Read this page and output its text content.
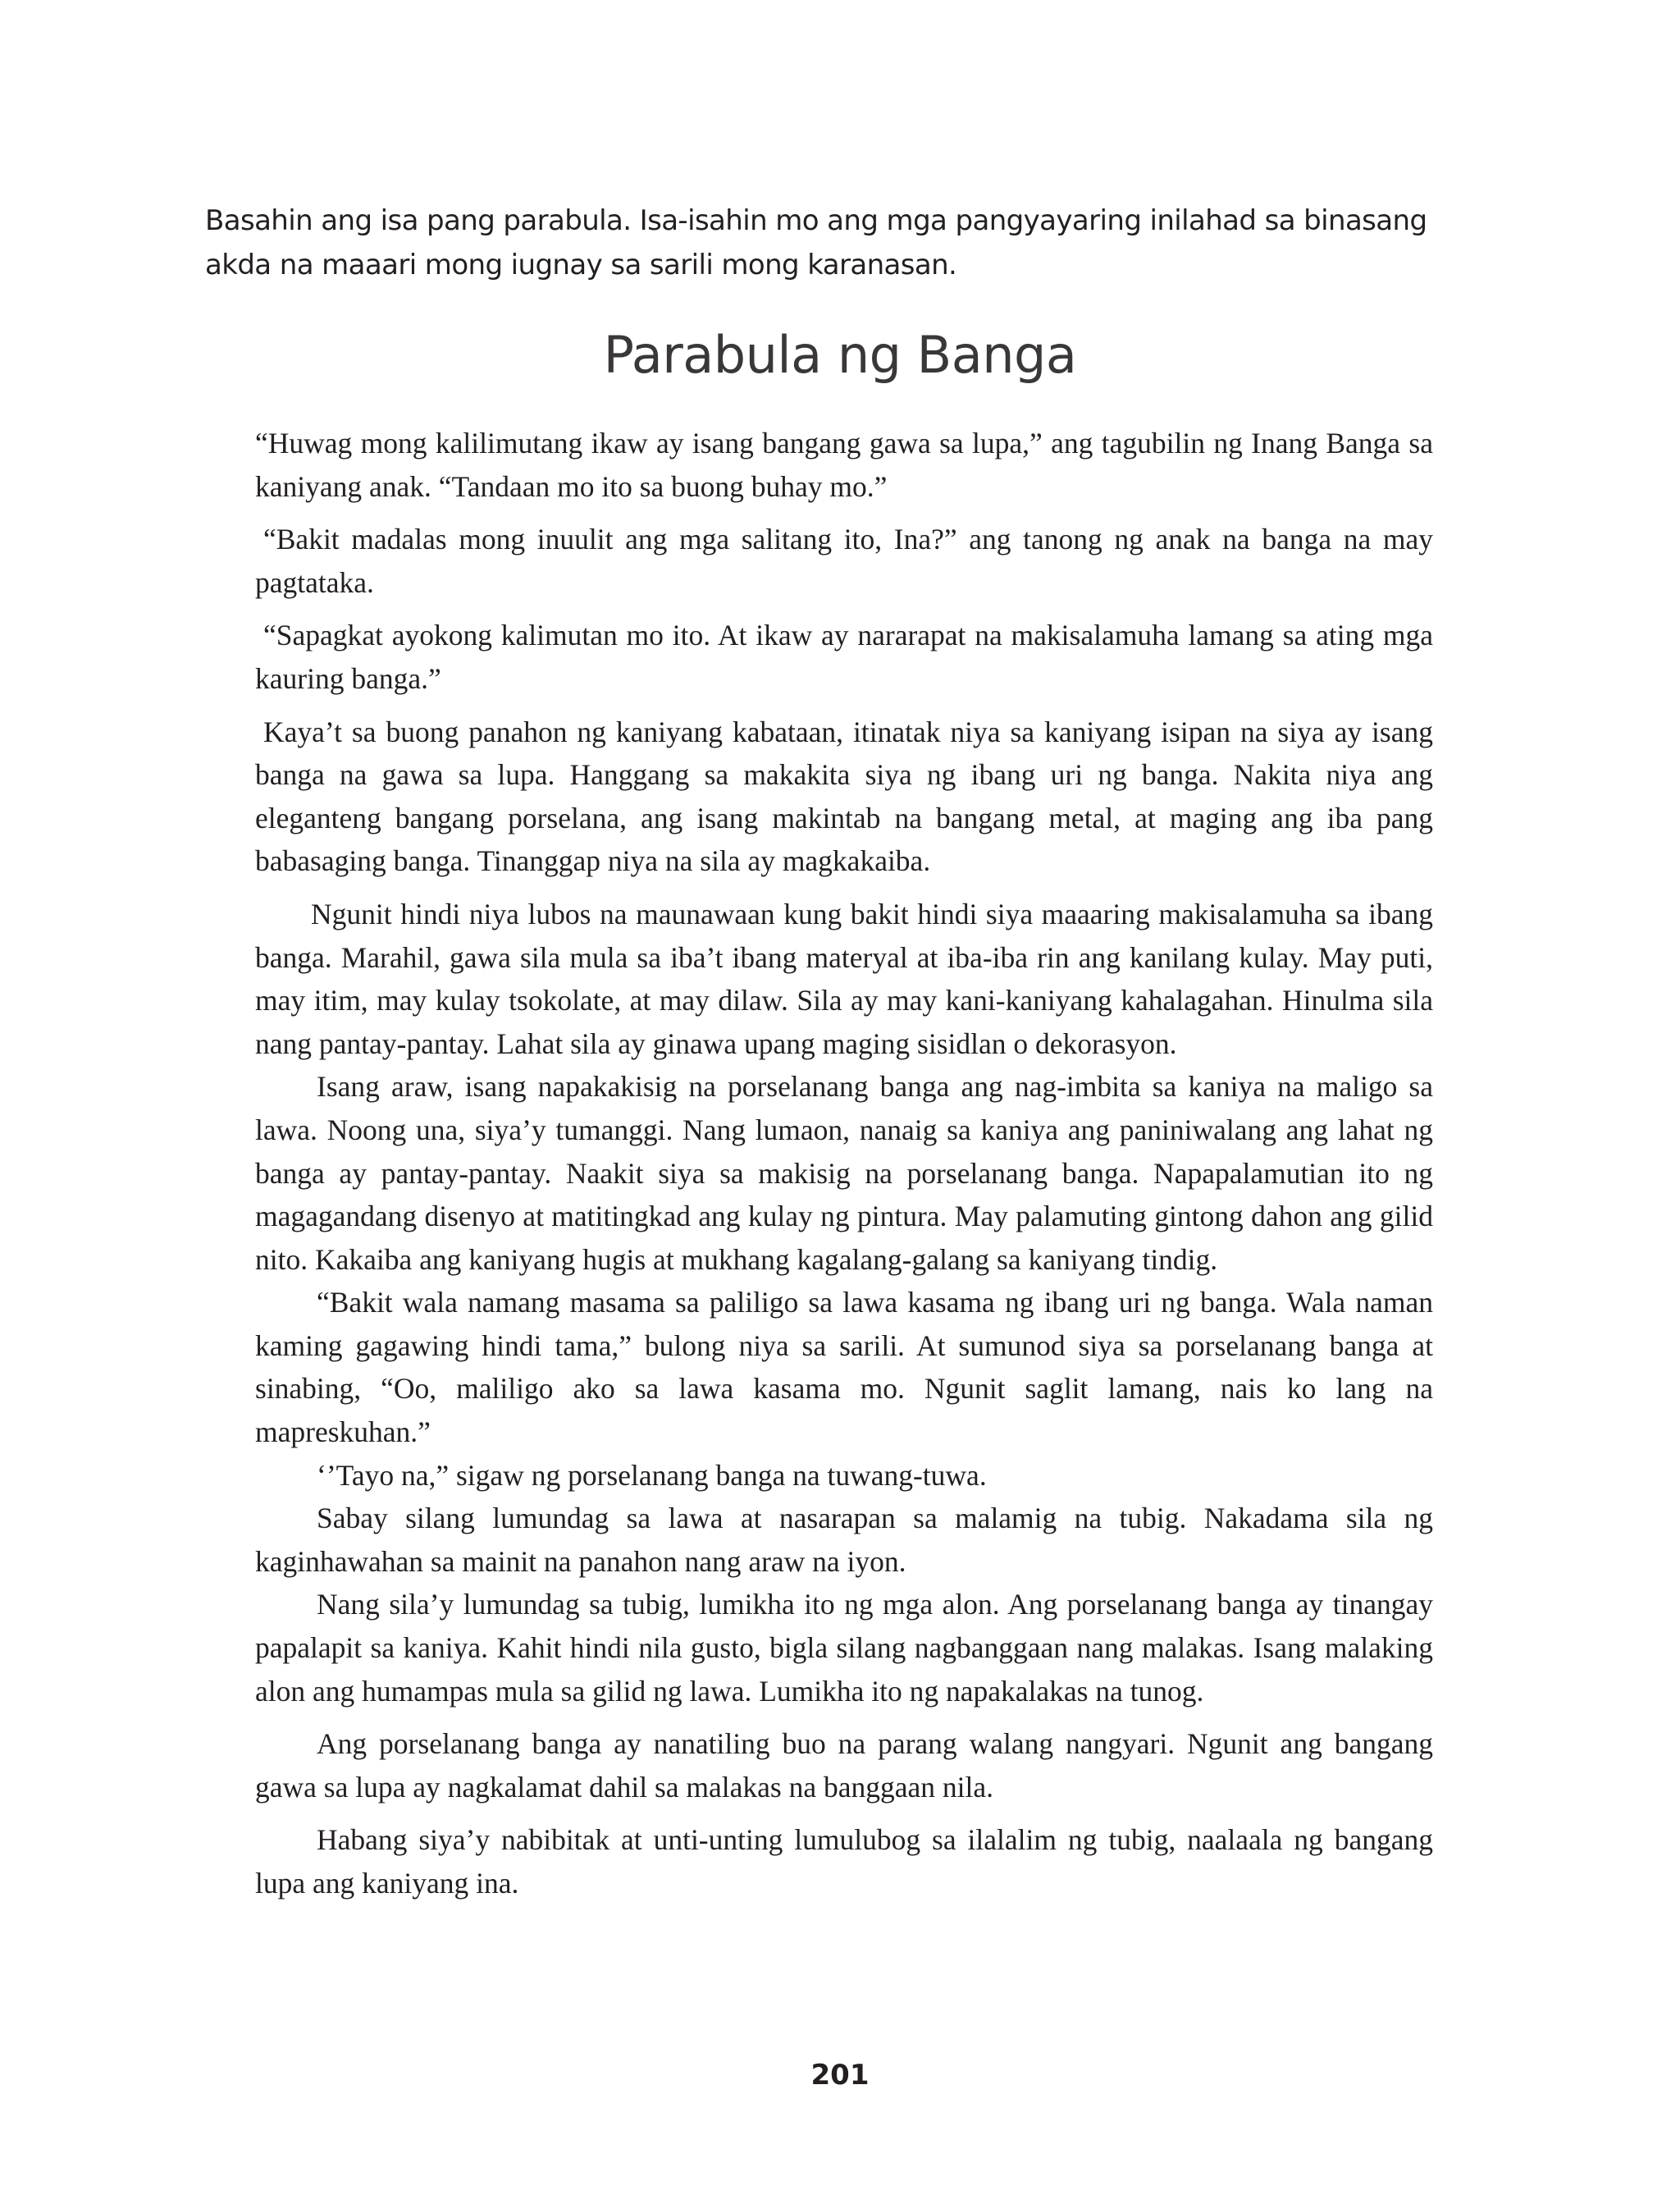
Basahin ang isa pang parabula. Isa-isahin mo ang mga pangyayaring inilahad sa binasang akda na maaari mong iugnay sa sarili mong karanasan.

Parabula ng Banga

“Huwag mong kalilimutang ikaw ay isang bangang gawa sa lupa,” ang tagubilin ng Inang Banga sa kaniyang anak. “Tandaan mo ito sa buong buhay mo.”

“Bakit madalas mong inuulit ang mga salitang ito, Ina?” ang tanong ng anak na banga na may pagtataka.

“Sapagkat ayokong kalimutan mo ito. At ikaw ay nararapat na makisalamuha lamang sa ating mga kauring banga.”

Kaya’t sa buong panahon ng kaniyang kabataan, itinatak niya sa kaniyang isipan na siya ay isang banga na gawa sa lupa. Hanggang sa makakita siya ng ibang uri ng banga. Nakita niya ang eleganteng bangang porselana, ang isang makintab na bangang metal, at maging ang iba pang babasaging banga. Tinanggap niya na sila ay magkakaiba.

Ngunit hindi niya lubos na maunawaan kung bakit hindi siya maaaring makisalamuha sa ibang banga. Marahil, gawa sila mula sa iba’t ibang materyal at iba-iba rin ang kanilang kulay. May puti, may itim, may kulay tsokolate, at may dilaw. Sila ay may kani-kaniyang kahalagahan. Hinulma sila nang pantay-pantay. Lahat sila ay ginawa upang maging sisidlan o dekorasyon.

Isang araw, isang napakakisig na porselanang banga ang nag-imbita sa kaniya na maligo sa lawa. Noong una, siya’y tumanggi. Nang lumaon, nanaig sa kaniya ang paniniwalang ang lahat ng banga ay pantay-pantay. Naakit siya sa makisig na porselanang banga. Napapalamutian ito ng magagandang disenyo at matitingkad ang kulay ng pintura. May palamuting gintong dahon ang gilid nito. Kakaiba ang kaniyang hugis at mukhang kagalang-galang sa kaniyang tindig.

“Bakit wala namang masama sa paliligo sa lawa kasama ng ibang uri ng banga. Wala naman kaming gagawing hindi tama,” bulong niya sa sarili. At sumunod siya sa porselanang banga at sinabing, “Oo, maliligo ako sa lawa kasama mo. Ngunit saglit lamang, nais ko lang na mapreskuhan.”

‘’Tayo na,” sigaw ng porselanang banga na tuwang-tuwa.

Sabay silang lumundag sa lawa at nasarapan sa malamig na tubig. Nakadama sila ng kaginhawahan sa mainit na panahon nang araw na iyon.

Nang sila’y lumundag sa tubig, lumikha ito ng mga alon. Ang porselanang banga ay tinangay papalapit sa kaniya. Kahit hindi nila gusto, bigla silang nagbanggaan nang malakas. Isang malaking alon ang humampas mula sa gilid ng lawa. Lumikha ito ng napakalakas na tunog.

Ang porselanang banga ay nanatiling buo na parang walang nangyari. Ngunit ang bangang gawa sa lupa ay nagkalamat dahil sa malakas na banggaan nila.

Habang siya’y nabibitak at unti-unting lumulubog sa ilalalim ng tubig, naalaala ng bangang lupa ang kaniyang ina.

201
